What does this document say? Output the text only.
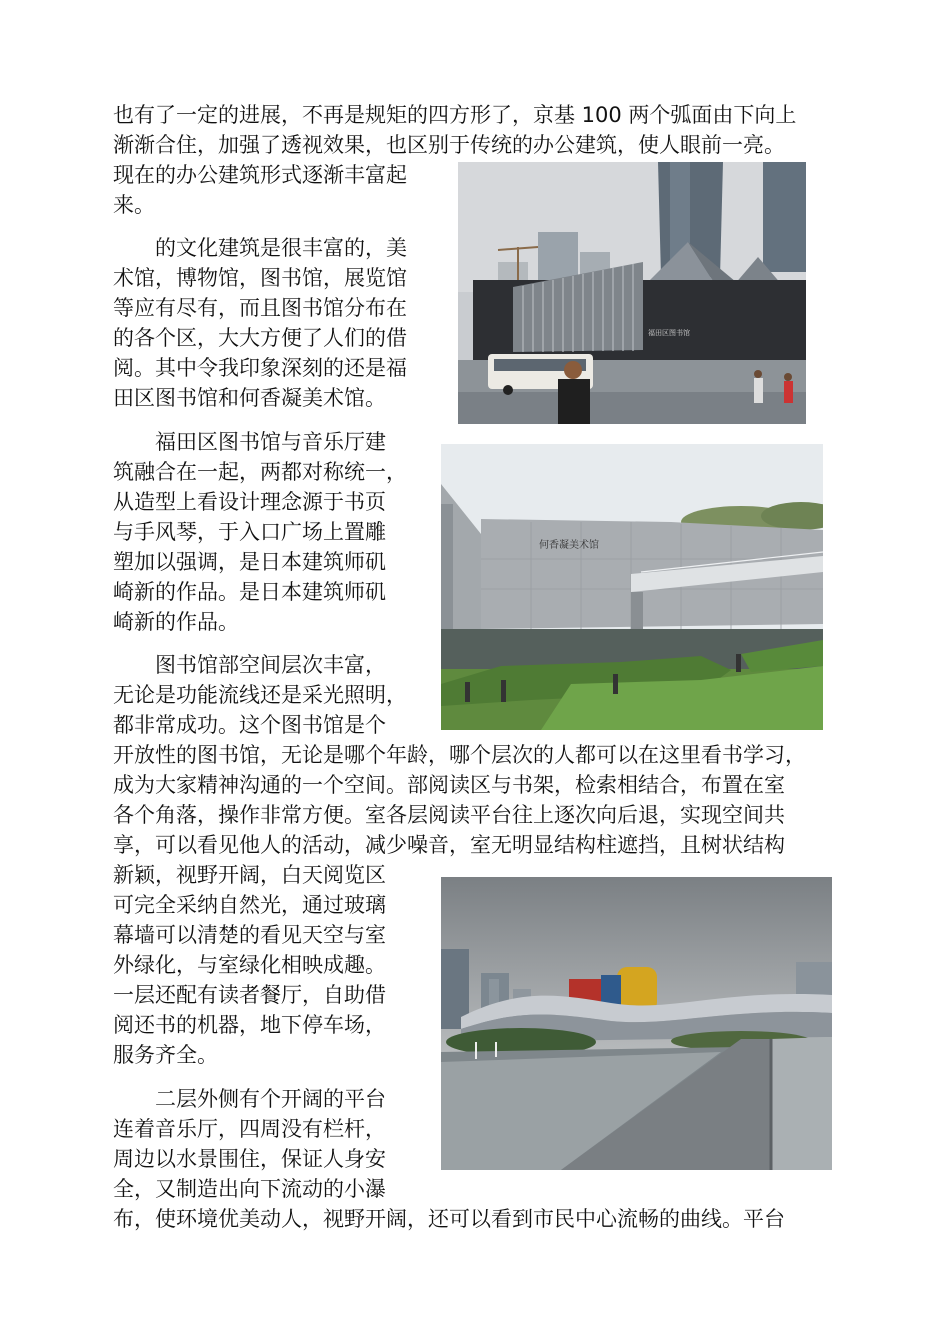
也有了一定的进展，不再是规矩的四方形了，京基 100 两个弧面由下向上
渐渐合住，加强了透视效果，也区别于传统的办公建筑，使人眼前一亮。
现在的办公建筑形式逐渐丰富起
来。
　　的文化建筑是很丰富的，美
术馆，博物馆，图书馆，展览馆
等应有尽有，而且图书馆分布在
的各个区，大大方便了人们的借
阅。其中令我印象深刻的还是福
田区图书馆和何香凝美术馆。
　　福田区图书馆与音乐厅建
筑融合在一起，两都对称统一，
从造型上看设计理念源于书页
与手风琴，于入口广场上置雕
塑加以强调，是日本建筑师矶
崎新的作品。是日本建筑师矶
崎新的作品。
　　图书馆部空间层次丰富，
无论是功能流线还是采光照明，
都非常成功。这个图书馆是个
开放性的图书馆，无论是哪个年龄，哪个层次的人都可以在这里看书学习，
成为大家精神沟通的一个空间。部阅读区与书架，检索相结合，布置在室
各个角落，操作非常方便。室各层阅读平台往上逐次向后退，实现空间共
享，可以看见他人的活动，减少噪音，室无明显结构柱遮挡，且树状结构
新颖，视野开阔，白天阅览区
可完全采纳自然光，通过玻璃
幕墙可以清楚的看见天空与室
外绿化，与室绿化相映成趣。
一层还配有读者餐厅，自助借
阅还书的机器，地下停车场，
服务齐全。
　　二层外侧有个开阔的平台
连着音乐厅，四周没有栏杆，
周边以水景围住，保证人身安
全，又制造出向下流动的小瀑
布，使环境优美动人，视野开阔，还可以看到市民中心流畅的曲线。平台
福田区图书馆
何香凝美术馆
